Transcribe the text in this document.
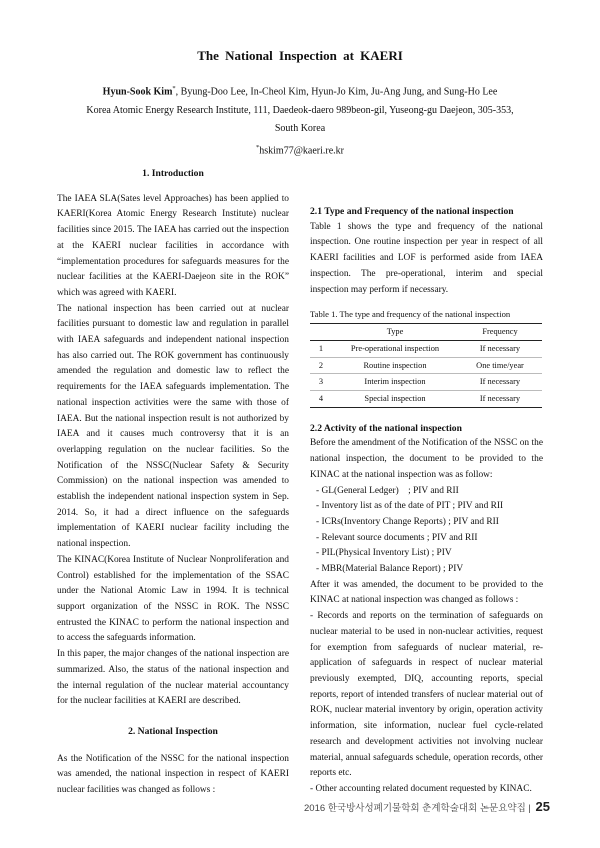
The National Inspection at KAERI
Hyun-Sook Kim*, Byung-Doo Lee, In-Cheol Kim, Hyun-Jo Kim, Ju-Ang Jung, and Sung-Ho Lee
Korea Atomic Energy Research Institute, 111, Daedeok-daero 989beon-gil, Yuseong-gu Daejeon, 305-353,
South Korea
*hskim77@kaeri.re.kr
1. Introduction

The IAEA SLA(Sates level Approaches) has been applied to KAERI(Korea Atomic Energy Research Institute) nuclear facilities since 2015. The IAEA has carried out the inspection at the KAERI nuclear facilities in accordance with “implementation procedures for safeguards measures for the nuclear facilities at the KAERI-Daejeon site in the ROK” which was agreed with KAERI.

The national inspection has been carried out at nuclear facilities pursuant to domestic law and regulation in parallel with IAEA safeguards and independent national inspection has also carried out. The ROK government has continuously amended the regulation and domestic law to reflect the requirements for the IAEA safeguards implementation. The national inspection activities were the same with those of IAEA. But the national inspection result is not authorized by IAEA and it causes much controversy that it is an overlapping regulation on the nuclear facilities. So the Notification of the NSSC(Nuclear Safety & Security Commission) on the national inspection was amended to establish the independent national inspection system in Sep. 2014. So, it had a direct influence on the safeguards implementation of KAERI nuclear facility including the national inspection.

The KINAC(Korea Institute of Nuclear Nonproliferation and Control) established for the implementation of the SSAC under the National Atomic Law in 1994. It is technical support organization of the NSSC in ROK. The NSSC entrusted the KINAC to perform the national inspection and to access the safeguards information.

In this paper, the major changes of the national inspection are summarized. Also, the status of the national inspection and the internal regulation of the nuclear material accountancy for the nuclear facilities at KAERI are described.

2. National Inspection

As the Notification of the NSSC for the national inspection was amended, the national inspection in respect of KAERI nuclear facilities was changed as follows :

2.1 Type and Frequency of the national inspection

Table 1 shows the type and frequency of the national inspection. One routine inspection per year in respect of all KAERI facilities and LOF is performed aside from IAEA inspection. The pre-operational, interim and special inspection may perform if necessary.

Table 1. The type and frequency of the national inspection

	Type	Frequency
1	Pre-operational inspection	If necessary
2	Routine inspection	One time/year
3	Interim inspection	If necessary
4	Special inspection	If necessary
2.2 Activity of the national inspection

Before the amendment of the Notification of the NSSC on the national inspection, the document to be provided to the KINAC at the national inspection was as follow:

- GL(General Ledger)　; PIV and RII
- Inventory list as of the date of PIT ; PIV and RII
- ICRs(Inventory Change Reports) ; PIV and RII
- Relevant source documents ; PIV and RII
- PIL(Physical Inventory List) ; PIV
- MBR(Material Balance Report) ; PIV

After it was amended, the document to be provided to the KINAC at national inspection was changed as follows :

- Records and reports on the termination of safeguards on nuclear material to be used in non-nuclear activities, request for exemption from safeguards of nuclear material, re-application of safeguards in respect of nuclear material previously exempted, DIQ, accounting reports, special reports, report of intended transfers of nuclear material out of ROK, nuclear material inventory by origin, operation activity information, site information, nuclear fuel cycle-related research and development activities not involving nuclear material, annual safeguards schedule, operation records, other reports etc.

- Other accounting related document requested by KINAC.

2016 한국방사성폐기물학회 춘계학술대회 논문요약집 | 25
